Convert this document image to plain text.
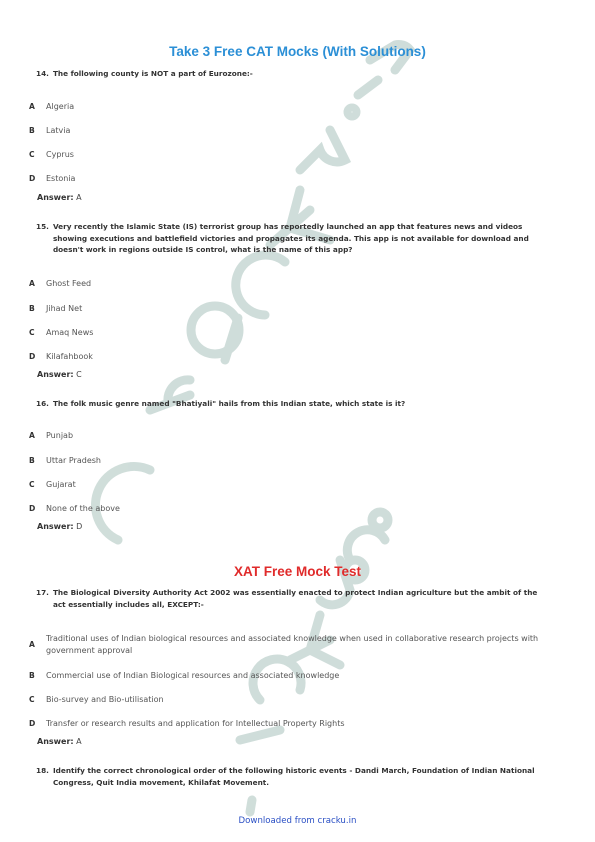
Take 3 Free CAT Mocks (With Solutions)
14. The following county is NOT a part of Eurozone:-
A	Algeria
B	Latvia
C	Cyprus
D	Estonia
Answer: A
15. Very recently the Islamic State (IS) terrorist group has reportedly launched an app that features news and videos showing executions and battlefield victories and propagates its agenda. This app is not available for download and doesn't work in regions outside IS control, what is the name of this app?
A	Ghost Feed
B	Jihad Net
C	Amaq News
D	Kilafahbook
Answer: C
16. The folk music genre named "Bhatiyali" hails from this Indian state, which state is it?
A	Punjab
B	Uttar Pradesh
C	Gujarat
D	None of the above
Answer: D
XAT Free Mock Test
17. The Biological Diversity Authority Act 2002 was essentially enacted to protect Indian agriculture but the ambit of the act essentially includes all, EXCEPT:-
A
Traditional uses of Indian biological resources and associated knowledge when used in collaborative research projects with government approval
B	Commercial use of Indian Biological resources and associated knowledge
C	Bio-survey and Bio-utilisation
D	Transfer or research results and application for Intellectual Property Rights
Answer: A
18. Identify the correct chronological order of the following historic events - Dandi March, Foundation of Indian National Congress, Quit India movement, Khilafat Movement.
Downloaded from cracku.in
